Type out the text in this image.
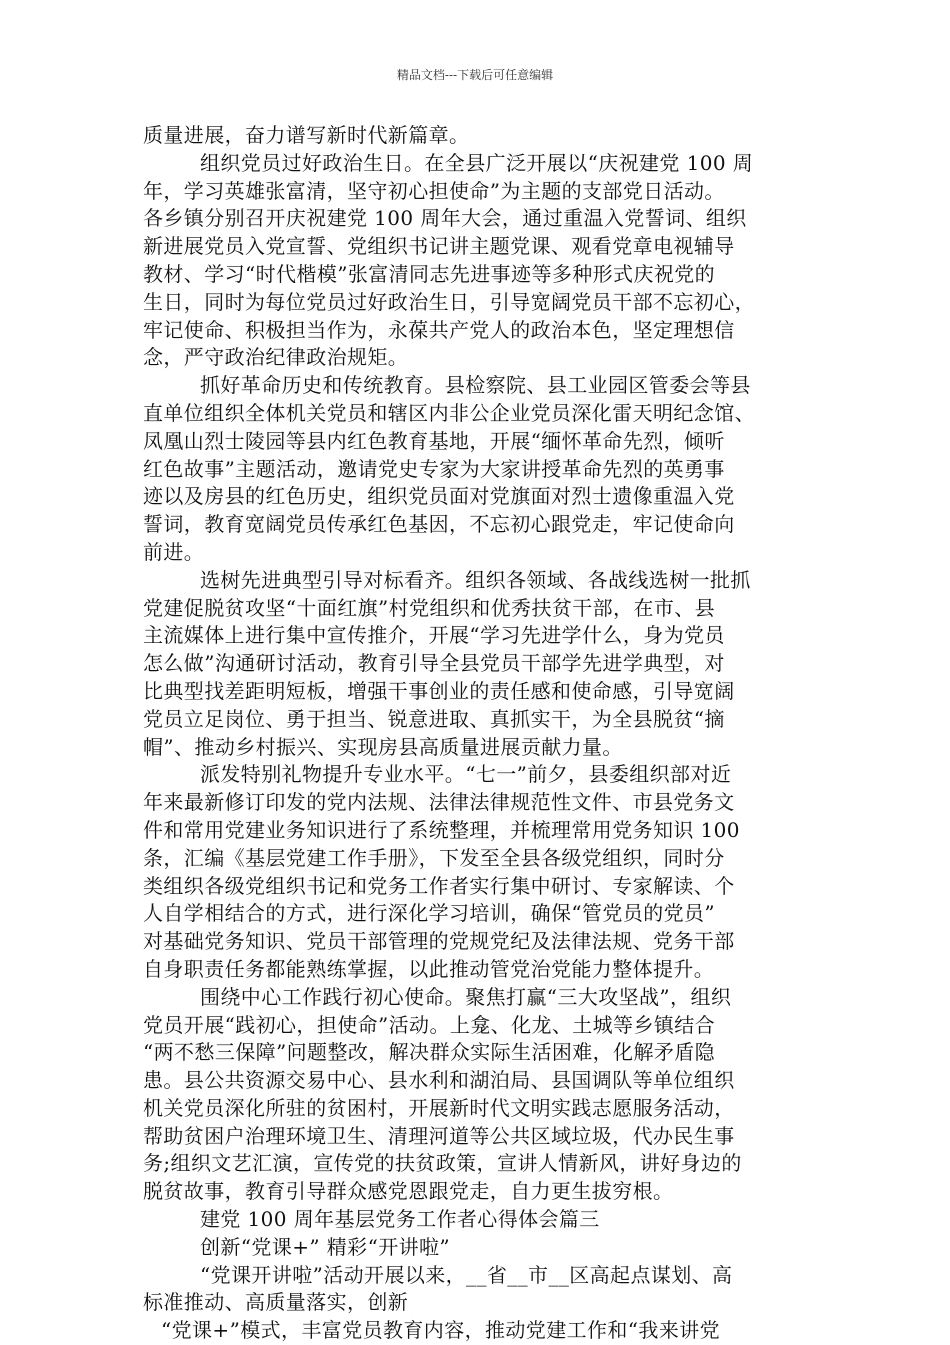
精品文档---下载后可任意编辑
质量进展，奋力谱写新时代新篇章。
组织党员过好政治生日。在全县广泛开展以“庆祝建党 100 周
年，学习英雄张富清，坚守初心担使命”为主题的支部党日活动。
各乡镇分别召开庆祝建党 100 周年大会，通过重温入党誓词、组织
新进展党员入党宣誓、党组织书记讲主题党课、观看党章电视辅导
教材、学习“时代楷模”张富清同志先进事迹等多种形式庆祝党的
生日，同时为每位党员过好政治生日，引导宽阔党员干部不忘初心，
牢记使命、积极担当作为，永葆共产党人的政治本色，坚定理想信
念，严守政治纪律政治规矩。
抓好革命历史和传统教育。县检察院、县工业园区管委会等县
直单位组织全体机关党员和辖区内非公企业党员深化雷天明纪念馆、
凤凰山烈士陵园等县内红色教育基地，开展“缅怀革命先烈，倾听
红色故事”主题活动，邀请党史专家为大家讲授革命先烈的英勇事
迹以及房县的红色历史，组织党员面对党旗面对烈士遗像重温入党
誓词，教育宽阔党员传承红色基因，不忘初心跟党走，牢记使命向
前进。
选树先进典型引导对标看齐。组织各领域、各战线选树一批抓
党建促脱贫攻坚“十面红旗”村党组织和优秀扶贫干部，在市、县
主流媒体上进行集中宣传推介，开展“学习先进学什么，身为党员
怎么做”沟通研讨活动，教育引导全县党员干部学先进学典型，对
比典型找差距明短板，增强干事创业的责任感和使命感，引导宽阔
党员立足岗位、勇于担当、锐意进取、真抓实干，为全县脱贫“摘
帽”、推动乡村振兴、实现房县高质量进展贡献力量。
派发特别礼物提升专业水平。“七一”前夕，县委组织部对近
年来最新修订印发的党内法规、法律法律规范性文件、市县党务文
件和常用党建业务知识进行了系统整理，并梳理常用党务知识 100
条，汇编《基层党建工作手册》，下发至全县各级党组织，同时分
类组织各级党组织书记和党务工作者实行集中研讨、专家解读、个
人自学相结合的方式，进行深化学习培训，确保“管党员的党员”
对基础党务知识、党员干部管理的党规党纪及法律法规、党务干部
自身职责任务都能熟练掌握，以此推动管党治党能力整体提升。
围绕中心工作践行初心使命。聚焦打赢“三大攻坚战”，组织
党员开展“践初心，担使命”活动。上龛、化龙、土城等乡镇结合
“两不愁三保障”问题整改，解决群众实际生活困难，化解矛盾隐
患。县公共资源交易中心、县水利和湖泊局、县国调队等单位组织
机关党员深化所驻的贫困村，开展新时代文明实践志愿服务活动，
帮助贫困户治理环境卫生、清理河道等公共区域垃圾，代办民生事
务;组织文艺汇演，宣传党的扶贫政策，宣讲人情新风，讲好身边的
脱贫故事，教育引导群众感党恩跟党走，自力更生拔穷根。
建党 100 周年基层党务工作者心得体会篇三
创新“党课+” 精彩“开讲啦”
“党课开讲啦”活动开展以来，__省__市__区高起点谋划、高
标准推动、高质量落实，创新
“党课+”模式，丰富党员教育内容，推动党建工作和“我来讲党
